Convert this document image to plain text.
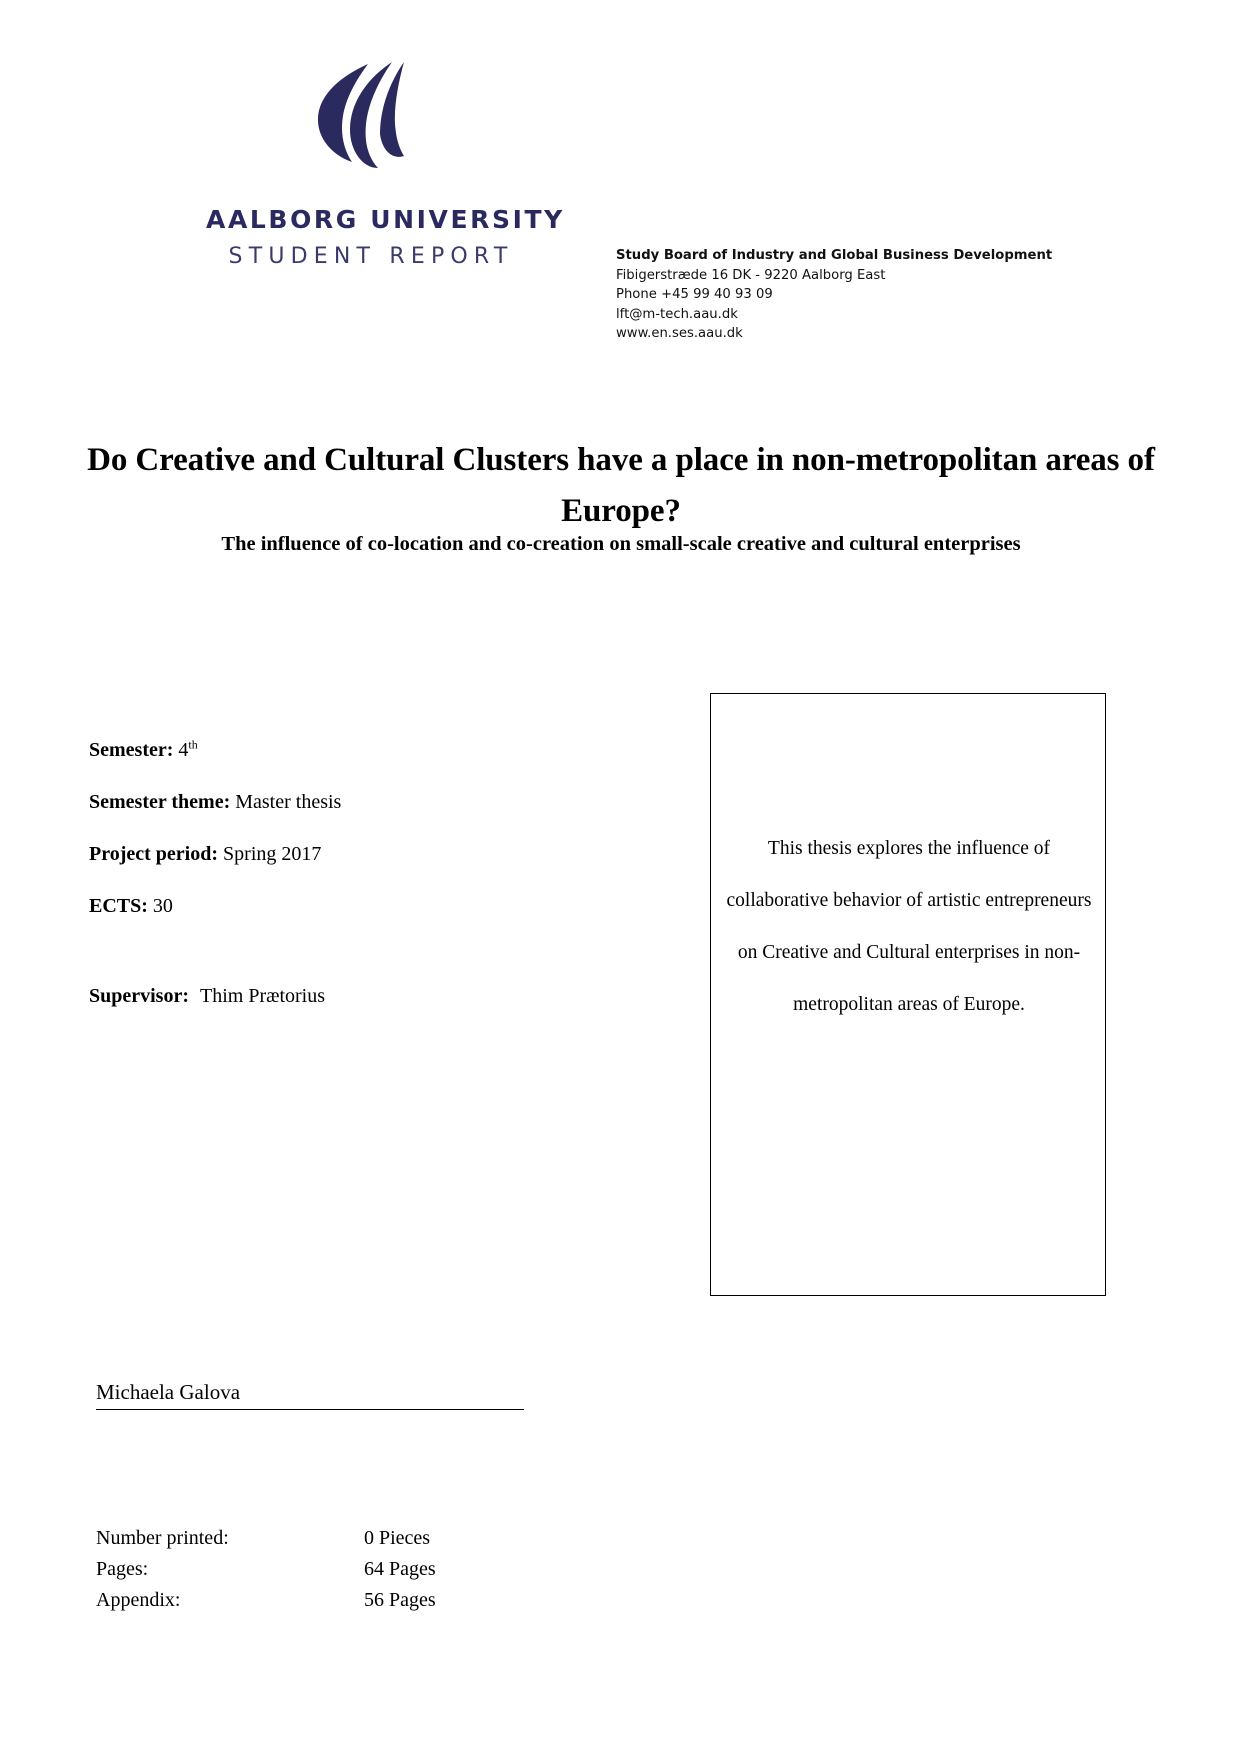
AALBORG UNIVERSITY
STUDENT REPORT	Study Board of Industry and Global Business Development
Fibigerstræde 16 DK - 9220 Aalborg East
Phone +45 99 40 93 09
lft@m-tech.aau.dk
www.en.ses.aau.dk
Do Creative and Cultural Clusters have a place in non-metropolitan areas of Europe?
The influence of co-location and co-creation on small-scale creative and cultural enterprises
Semester: 4th
Semester theme: Master thesis
Project period: Spring 2017
ECTS: 30
Supervisor: Thim Prætorius
This thesis explores the influence of collaborative behavior of artistic entrepreneurs on Creative and Cultural enterprises in non-metropolitan areas of Europe.
Michaela Galova
Number printed:	0 Pieces
Pages:	64 Pages
Appendix:	56 Pages
